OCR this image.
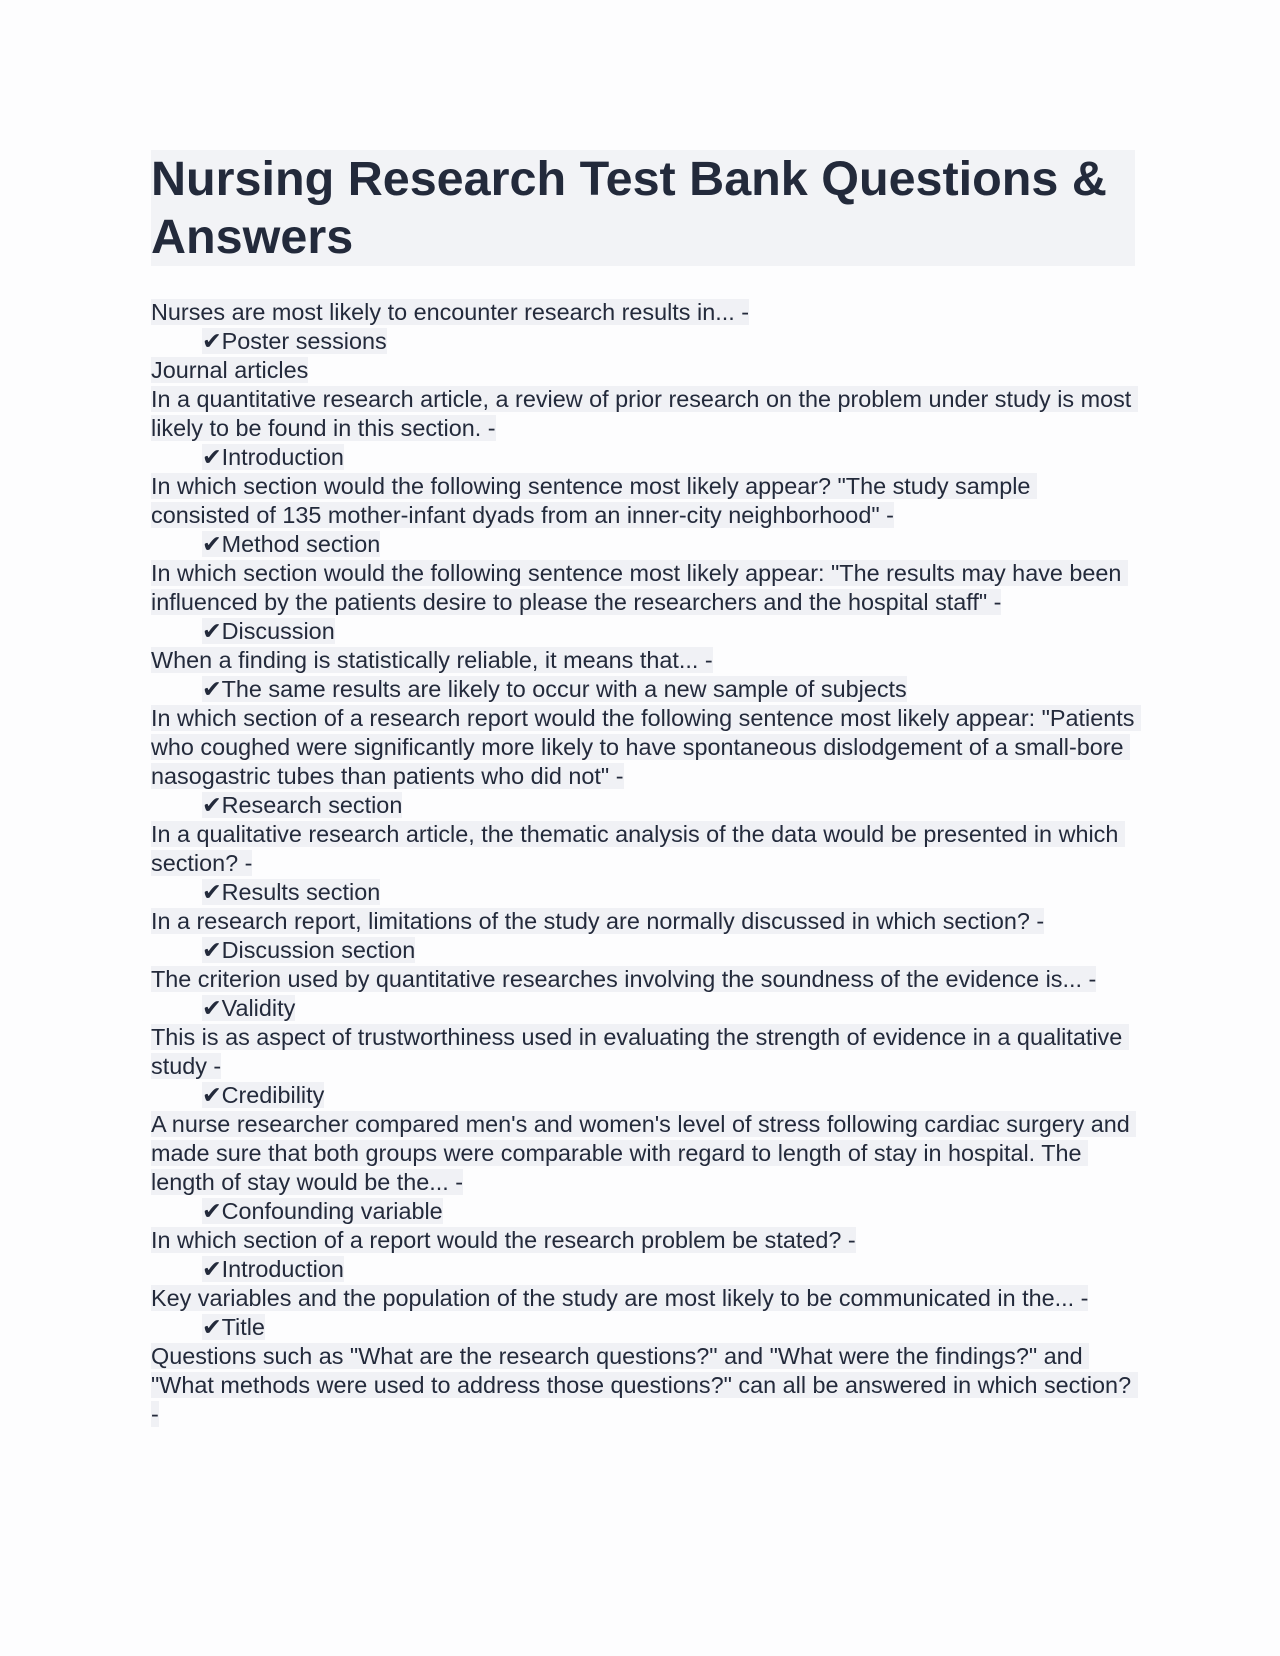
Nursing Research Test Bank Questions & Answers
Nurses are most likely to encounter research results in... -
✔Poster sessions
Journal articles
In a quantitative research article, a review of prior research on the problem under study is most likely to be found in this section. -
✔Introduction
In which section would the following sentence most likely appear? "The study sample consisted of 135 mother-infant dyads from an inner-city neighborhood" -
✔Method section
In which section would the following sentence most likely appear: "The results may have been influenced by the patients desire to please the researchers and the hospital staff" -
✔Discussion
When a finding is statistically reliable, it means that... -
✔The same results are likely to occur with a new sample of subjects
In which section of a research report would the following sentence most likely appear: "Patients who coughed were significantly more likely to have spontaneous dislodgement of a small-bore nasogastric tubes than patients who did not" -
✔Research section
In a qualitative research article, the thematic analysis of the data would be presented in which section? -
✔Results section
In a research report, limitations of the study are normally discussed in which section? -
✔Discussion section
The criterion used by quantitative researches involving the soundness of the evidence is... -
✔Validity
This is as aspect of trustworthiness used in evaluating the strength of evidence in a qualitative study -
✔Credibility
A nurse researcher compared men's and women's level of stress following cardiac surgery and made sure that both groups were comparable with regard to length of stay in hospital. The length of stay would be the... -
✔Confounding variable
In which section of a report would the research problem be stated? -
✔Introduction
Key variables and the population of the study are most likely to be communicated in the... -
✔Title
Questions such as "What are the research questions?" and "What were the findings?" and "What methods were used to address those questions?" can all be answered in which section? -
